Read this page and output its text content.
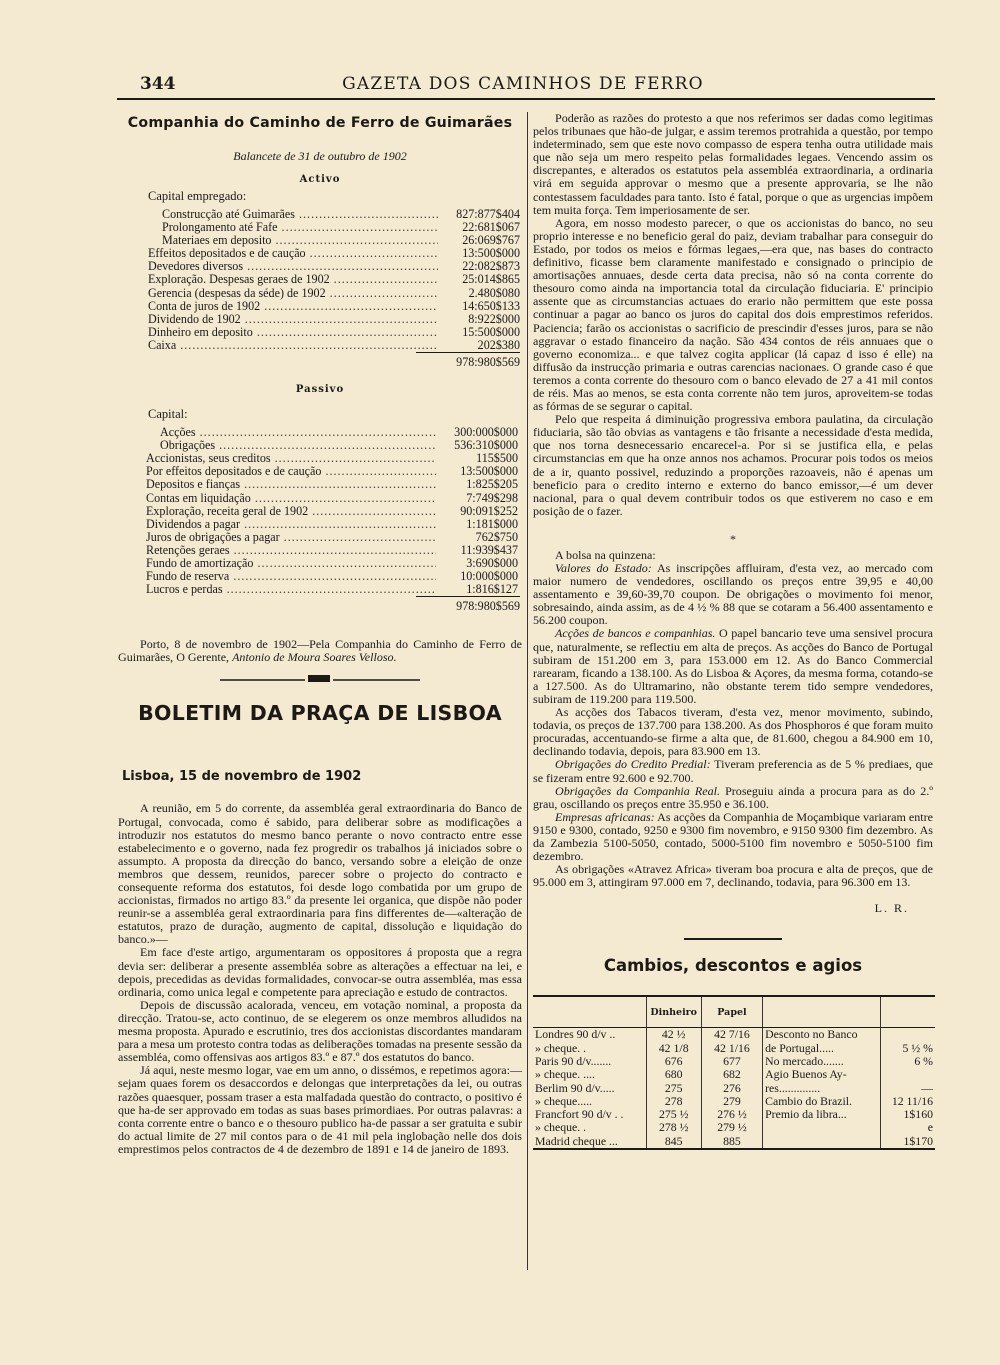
344	GAZETA DOS CAMINHOS DE FERRO
Companhia do Caminho de Ferro de Guimarães
Balancete de 31 de outubro de 1902
Activo
Capital empregado:
Construcção até Guimarães .....	827:877$404
Prolongamento até Fafe .....	22:681$067
Materiaes em deposito .....	26:069$767
Effeitos depositados e de caução .....	13:500$000
Devedores diversos .....	22:082$873
Exploração. Despesas geraes de 1902 .....	25:014$865
Gerencia (despesas da séde) de 1902 .....	2.480$080
Conta de juros de 1902 .....	14:650$133
Dividendo de 1902 .....	8:922$000
Dinheiro em deposito .....	15:500$000
Caixa .....	202$380
978:980$569
Passivo
Capital:
Acções .....	300:000$000
Obrigações .....	536:310$000
Accionistas, seus creditos .....	115$500
Por effeitos depositados e de caução .....	13:500$000
Depositos e fianças .....	1:825$205
Contas em liquidação .....	7:749$298
Exploração, receita geral de 1902 .....	90:091$252
Dividendos a pagar .....	1:181$000
Juros de obrigações a pagar .....	762$750
Retenções geraes .....	11:939$437
Fundo de amortização .....	3:690$000
Fundo de reserva .....	10:000$000
Lucros e perdas .....	1:816$127
978:980$569
Porto, 8 de novembro de 1902—Pela Companhia do Caminho de Ferro de Guimarães, O Gerente, Antonio de Moura Soares Velloso.
BOLETIM DA PRAÇA DE LISBOA
Lisboa, 15 de novembro de 1902

A reunião, em 5 do corrente, da assembléa geral extraordinaria do Banco de Portugal, convocada, como é sabido, para deliberar sobre as modificações a introduzir nos estatutos do mesmo banco perante o novo contracto entre esse estabelecimento e o governo, nada fez progredir os trabalhos já iniciados sobre o assumpto. A proposta da direcção do banco, versando sobre a eleição de onze membros que dessem, reunidos, parecer sobre o projecto do contracto e consequente reforma dos estatutos, foi desde logo combatida por um grupo de accionistas, firmados no artigo 83.º da presente lei organica, que dispõe não poder reunir-se a assembléa geral extraordinaria para fins differentes de—«alteração de estatutos, prazo de duração, augmento de capital, dissolução e liquidação do banco.»—

Em face d'este artigo, argumentaram os oppositores á proposta que a regra devia ser: deliberar a presente assembléa sobre as alterações a effectuar na lei, e depois, precedidas as devidas formalidades, convocar-se outra assembléa, mas essa ordinaria, como unica legal e competente para apreciação e estudo de contractos.

Depois de discussão acalorada, venceu, em votação nominal, a proposta da direcção. Tratou-se, acto continuo, de se elegerem os onze membros alludidos na mesma proposta. Apurado e escrutinio, tres dos accionistas discordantes mandaram para a mesa um protesto contra todas as deliberações tomadas na presente sessão da assembléa, como offensivas aos artigos 83.º e 87.º dos estatutos do banco.

Já aqui, neste mesmo logar, vae em um anno, o dissémos, e repetimos agora:—sejam quaes forem os desaccordos e delongas que interpretações da lei, ou outras razões quaesquer, possam traser a esta malfadada questão do contracto, o positivo é que ha-de ser approvado em todas as suas bases primordiaes. Por outras palavras: a conta corrente entre o banco e o thesouro publico ha-de passar a ser gratuita e subir do actual limite de 27 mil contos para o de 41 mil pela inglobação nelle dos dois emprestimos pelos contractos de 4 de dezembro de 1891 e 14 de janeiro de 1893.

Poderão as razões do protesto a que nos referimos ser dadas como legitimas pelos tribunaes que hão-de julgar, e assim teremos protrahida a questão, por tempo indeterminado, sem que este novo compasso de espera tenha outra utilidade mais que não seja um mero respeito pelas formalidades legaes. Vencendo assim os discrepantes, e alterados os estatutos pela assembléa extraordinaria, a ordinaria virá em seguida approvar o mesmo que a presente approvaria, se lhe não contestassem faculdades para tanto. Isto é fatal, porque o que as urgencias impõem tem muita força. Tem imperiosamente de ser.

Agora, em nosso modesto parecer, o que os accionistas do banco, no seu proprio interesse e no beneficio geral do paiz, deviam trabalhar para conseguir do Estado, por todos os meios e fórmas legaes,—era que, nas bases do contracto definitivo, ficasse bem claramente manifestado e consignado o principio de amortisações annuaes, desde certa data precisa, não só na conta corrente do thesouro como ainda na importancia total da circulação fiduciaria. E' principio assente que as circumstancias actuaes do erario não permittem que este possa continuar a pagar ao banco os juros do capital dos dois emprestimos referidos. Paciencia; farão os accionistas o sacrificio de prescindir d'esses juros, para se não aggravar o estado financeiro da nação. São 434 contos de réis annuaes que o governo economiza... e que talvez cogita applicar (lá capaz d isso é elle) na diffusão da instrucção primaria e outras carencias nacionaes. O grande caso é que teremos a conta corrente do thesouro com o banco elevado de 27 a 41 mil contos de réis. Mas ao menos, se esta conta corrente não tem juros, aproveitem-se todas as fórmas de se segurar o capital.

Pelo que respeita á diminuição progressiva embora paulatina, da circulação fiduciaria, são tão obvias as vantagens e tão frisante a necessidade d'esta medida, que nos torna desnecessario encarecel-a. Por si se justifica ella, e pelas circumstancias em que ha onze annos nos achamos. Procurar pois todos os meios de a ir, quanto possivel, reduzindo a proporções razoaveis, não é apenas um beneficio para o credito interno e externo do banco emissor,—é um dever nacional, para o qual devem contribuir todos os que estiverem no caso e em posição de o fazer.

*

A bolsa na quinzena:

Valores do Estado: As inscripções affluiram, d'esta vez, ao mercado com maior numero de vendedores, oscillando os preços entre 39,95 e 40,00 assentamento e 39,60-39,70 coupon. De obrigações o movimento foi menor, sobresaindo, ainda assim, as de 4 ½ % 88 que se cotaram a 56.400 assentamento e 56.200 coupon.

Acções de bancos e companhias. O papel bancario teve uma sensivel procura que, naturalmente, se reflectiu em alta de preços. As acções do Banco de Portugal subiram de 151.200 em 3, para 153.000 em 12. As do Banco Commercial rarearam, ficando a 138.100. As do Lisboa & Açores, da mesma forma, cotando-se a 127.500. As do Ultramarino, não obstante terem tido sempre vendedores, subiram de 119.200 para 119.500.

As acções dos Tabacos tiveram, d'esta vez, menor movimento, subindo, todavia, os preços de 137.700 para 138.200. As dos Phosphoros é que foram muito procuradas, accentuando-se firme a alta que, de 81.600, chegou a 84.900 em 10, declinando todavia, depois, para 83.900 em 13.

Obrigações do Credito Predial: Tiveram preferencia as de 5 % prediaes, que se fizeram entre 92.600 e 92.700.

Obrigações da Companhia Real. Proseguiu ainda a procura para as do 2.º grau, oscillando os preços entre 35.950 e 36.100.

Empresas africanas: As acções da Companhia de Moçambique variaram entre 9150 e 9300, contado, 9250 e 9300 fim novembro, e 9150 9300 fim dezembro. As da Zambezia 5100-5050, contado, 5000-5100 fim novembro e 5050-5100 fim dezembro.

As obrigações «Atravez Africa» tiveram boa procura e alta de preços, que de 95.000 em 3, attingiram 97.000 em 7, declinando, todavia, para 96.300 em 13.

L. R.
Cambios, descontos e agios
	Dinheiro	Papel		
Londres 90 d/v ..	42 ½	42 7/16	Desconto no Banco	
» cheque. .	42 1/8	42 1/16	de Portugal.....	5 ½ %
Paris 90 d/v.......	676	677	No mercado.......	6 %
» cheque. ....	680	682	Agio Buenos Ay-	
Berlim 90 d/v.....	275	276	res..............	—
» cheque.....	278	279	Cambio do Brazil.	12 11/16
Francfort 90 d/v . .	275 ½	276 ½	Premio da libra...	1$160
» cheque. .	278 ½	279 ½		e
Madrid cheque ...	845	885		1$170
